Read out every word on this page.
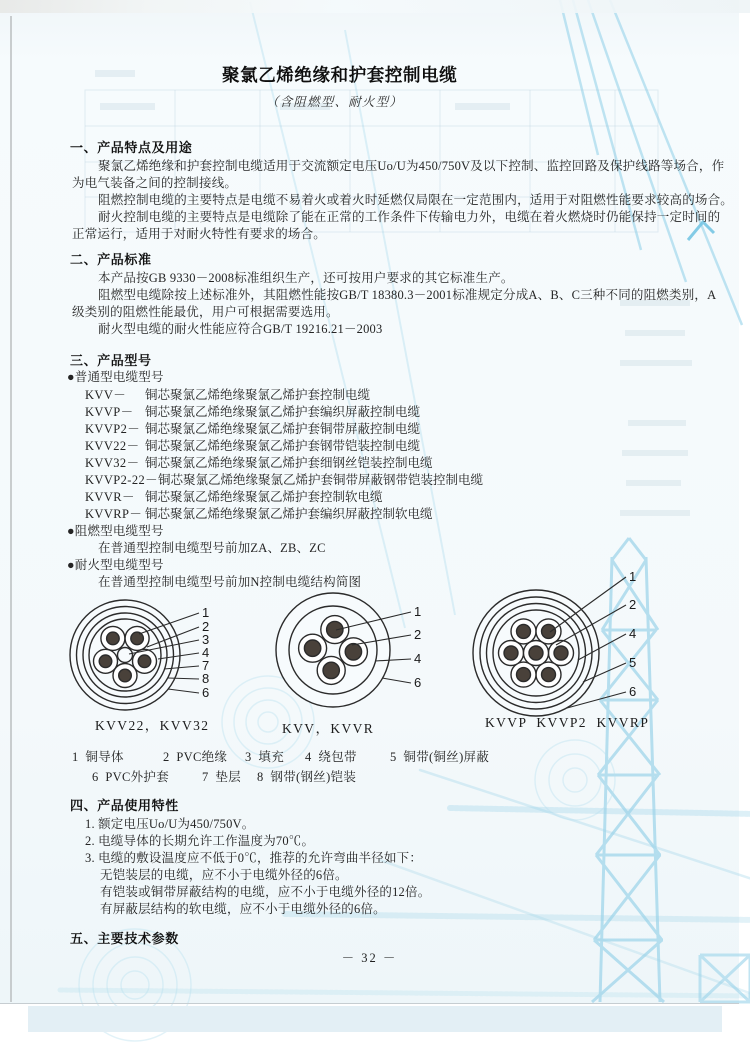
聚氯乙烯绝缘和护套控制电缆
（含阻燃型、耐火型）
一、产品特点及用途
聚氯乙烯绝缘和护套控制电缆适用于交流额定电压Uo/U为450/750V及以下控制、监控回路及保护线路等场合，作
为电气装备之间的控制接线。
阻燃控制电缆的主要特点是电缆不易着火或着火时延燃仅局限在一定范围内，适用于对阻燃性能要求较高的场合。
耐火控制电缆的主要特点是电缆除了能在正常的工作条件下传输电力外，电缆在着火燃烧时仍能保持一定时间的
正常运行，适用于对耐火特性有要求的场合。
二、产品标准
本产品按GB 9330－2008标准组织生产，还可按用户要求的其它标准生产。
阻燃型电缆除按上述标准外，其阻燃性能按GB/T 18380.3－2001标准规定分成A、B、C三种不同的阻燃类别，A
级类别的阻燃性能最优，用户可根据需要选用。
耐火型电缆的耐火性能应符合GB/T 19216.21－2003
三、产品型号
●普通型电缆型号
KVV－ 铜芯聚氯乙烯绝缘聚氯乙烯护套控制电缆
KVVP－ 铜芯聚氯乙烯绝缘聚氯乙烯护套编织屏蔽控制电缆
KVVP2－ 铜芯聚氯乙烯绝缘聚氯乙烯护套铜带屏蔽控制电缆
KVV22－ 铜芯聚氯乙烯绝缘聚氯乙烯护套钢带铠装控制电缆
KVV32－ 铜芯聚氯乙烯绝缘聚氯乙烯护套细钢丝铠装控制电缆
KVVP2-22－铜芯聚氯乙烯绝缘聚氯乙烯护套铜带屏蔽钢带铠装控制电缆
KVVR－ 铜芯聚氯乙烯绝缘聚氯乙烯护套控制软电缆
KVVRP－ 铜芯聚氯乙烯绝缘聚氯乙烯护套编织屏蔽控制软电缆
●阻燃型电缆型号
在普通型控制电缆型号前加ZA、ZB、ZC
●耐火型电缆型号
在普通型控制电缆型号前加N控制电缆结构简图
1
2
3
4
7
8
6
1
2
4
6
1
2
4
5
6
KVV22，KVV32	KVV，KVVR	KVVP  KVVP2  KVVRP
1  铜导体	2  PVC绝缘 3  填充 4  绕包带	5  铜带(铜丝)屏蔽
6  PVC外护套	7  垫层 8  钢带(钢丝)铠装
四、产品使用特性
1. 额定电压Uo/U为450/750V。
2. 电缆导体的长期允许工作温度为70℃。
3. 电缆的敷设温度应不低于0℃，推荐的允许弯曲半径如下：
无铠装层的电缆，应不小于电缆外径的6倍。
有铠装或铜带屏蔽结构的电缆，应不小于电缆外径的12倍。
有屏蔽层结构的软电缆，应不小于电缆外径的6倍。
五、主要技术参数
－ 32 －
